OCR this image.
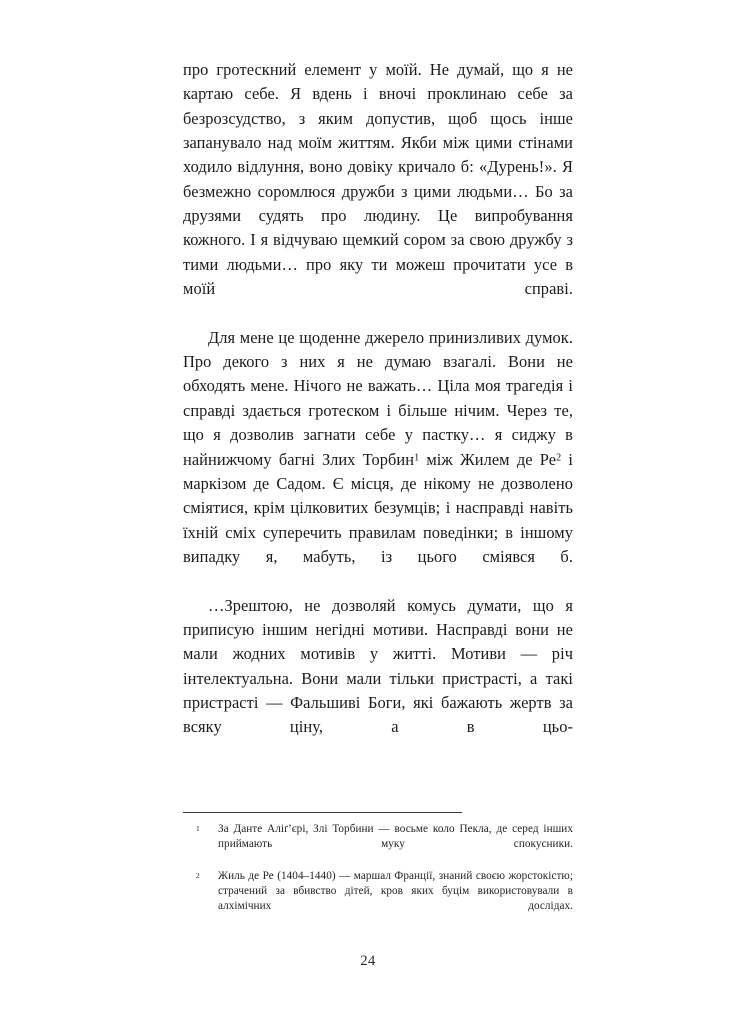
про гротескний елемент у моїй. Не думай, що я не картаю себе. Я вдень і вночі проклинаю себе за безрозсудство, з яким допустив, щоб щось інше запанувало над моїм життям. Якби між цими стінами ходило відлуння, воно довіку кричало б: «Дурень!». Я безмежно соромлюся дружби з цими людьми… Бо за друзями судять про людину. Це випробування кожного. І я відчуваю щемкий сором за свою дружбу з тими людьми… про яку ти можеш прочитати усе в моїй справі.

Для мене це щоденне джерело принизливих думок. Про декого з них я не думаю взагалі. Вони не обходять мене. Нічого не важать… Ціла моя трагедія і справді здається гротеском і більше нічим. Через те, що я дозволив загнати себе у пастку… я сиджу в найнижчому багні Злих Торбин$^1$ між Жилем де Ре$^2$ і маркізом де Садом. Є місця, де нікому не дозволено сміятися, крім цілковитих безумців; і насправді навіть їхній сміх суперечить правилам поведінки; в іншому випадку я, мабуть, із цього сміявся б.

…Зрештою, не дозволяй комусь думати, що я приписую іншим негідні мотиви. Насправді вони не мали жодних мотивів у житті. Мотиви — річ інтелектуальна. Вони мали тільки пристрасті, а такі пристрасті — Фальшиві Боги, які бажають жертв за всяку ціну, а в цьо-

1 За Данте Аліґ’єрі, Злі Торбини — восьме коло Пекла, де серед інших приймають муку спокусники.
2 Жиль де Ре (1404–1440) — маршал Франції, знаний своєю жорстокістю; страчений за вбивство дітей, кров яких буцім використовували в алхімічних дослідах.
24
